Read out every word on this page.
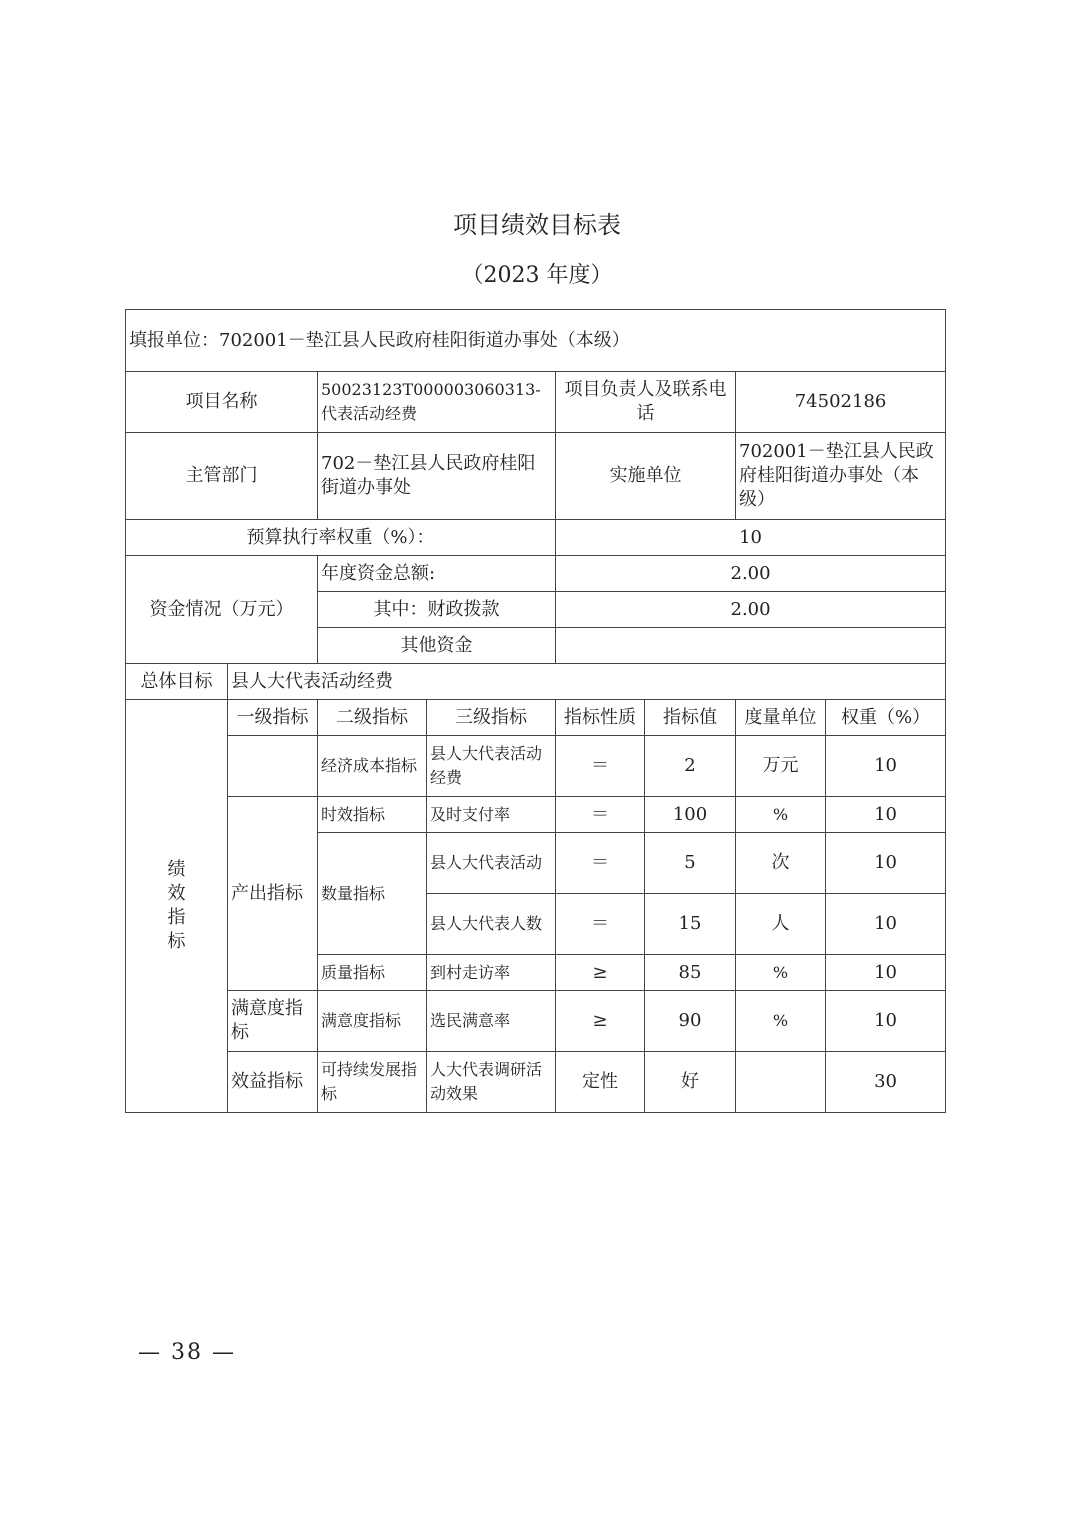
项目绩效目标表
（2023 年度）
填报单位：702001－垫江县人民政府桂阳街道办事处（本级）							
项目名称		50023123T000003060313-代表活动经费		项目负责人及联系电话		74502186	
主管部门		702－垫江县人民政府桂阳 街道办事处		实施单位		702001－垫江县人民政府桂阳街道办事处（本级）	
预算执行率权重（%）：				10			
资金情况（万元）		年度资金总额:		2.00			
		其中：财政拨款		2.00			
		其他资金					
总体目标	县人大代表活动经费						
绩效指标	一级指标	二级指标	三级指标	指标性质	指标值	度量单位	权重（%）
		经济成本指标	县人大代表活动经费	＝	2	万元	10
	产出指标	时效指标	及时支付率	＝	100	%	10
		数量指标	县人大代表活动	＝	5	次	10
			县人大代表人数	＝	15	人	10
		质量指标	到村走访率	≥	85	%	10
	满意度指标	满意度指标	选民满意率	≥	90	%	10
	效益指标	可持续发展指标	人大代表调研活动效果	定性	好		30
— 38 —
